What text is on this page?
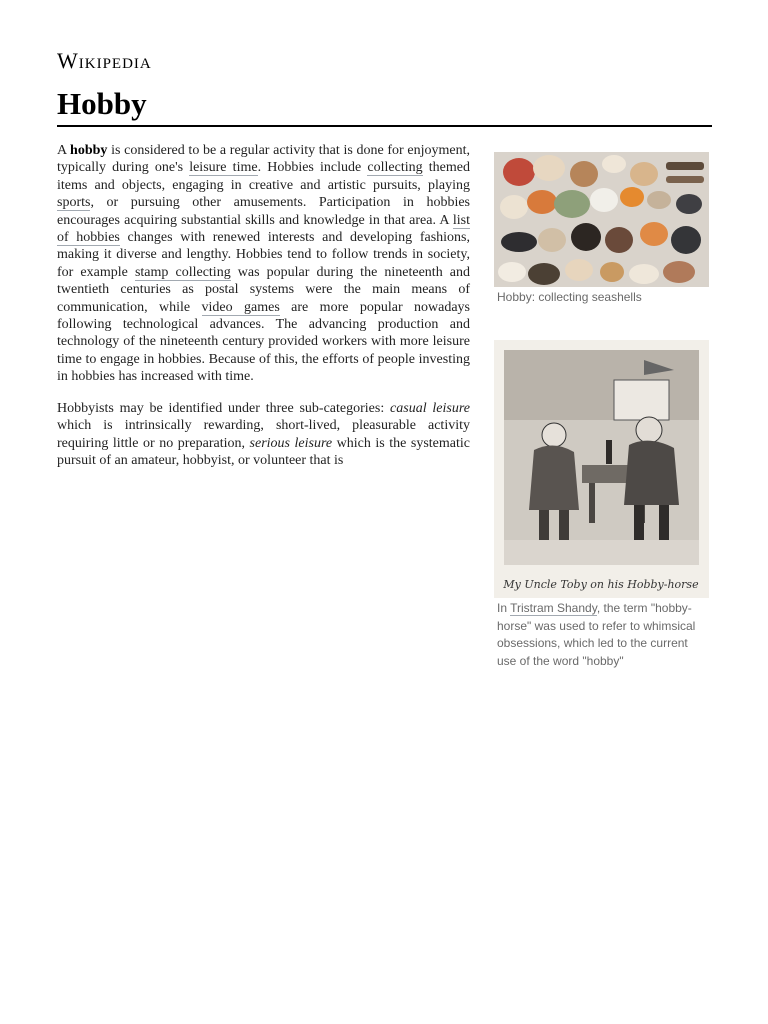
Wikipedia
Hobby

A hobby is considered to be a regular activity that is done for enjoyment, typically during one's leisure time. Hobbies include collecting themed items and objects, engaging in creative and artistic pursuits, playing sports, or pursuing other amusements. Participation in hobbies encourages acquiring substantial skills and knowledge in that area. A list of hobbies changes with renewed interests and developing fashions, making it diverse and lengthy. Hobbies tend to follow trends in society, for example stamp collecting was popular during the nineteenth and twentieth centuries as postal systems were the main means of communication, while video games are more popular nowadays following technological advances. The advancing production and technology of the nineteenth century provided workers with more leisure time to engage in hobbies. Because of this, the efforts of people investing in hobbies has increased with time.

Hobbyists may be identified under three sub-categories: casual leisure which is intrinsically rewarding, short-lived, pleasurable activity requiring little or no preparation, serious leisure which is the systematic pursuit of an amateur, hobbyist, or volunteer that is

Hobby: collecting seashells
My Uncle Toby on his Hobby-horse
In Tristram Shandy, the term "hobby-horse" was used to refer to whimsical obsessions, which led to the current use of the word "hobby"
